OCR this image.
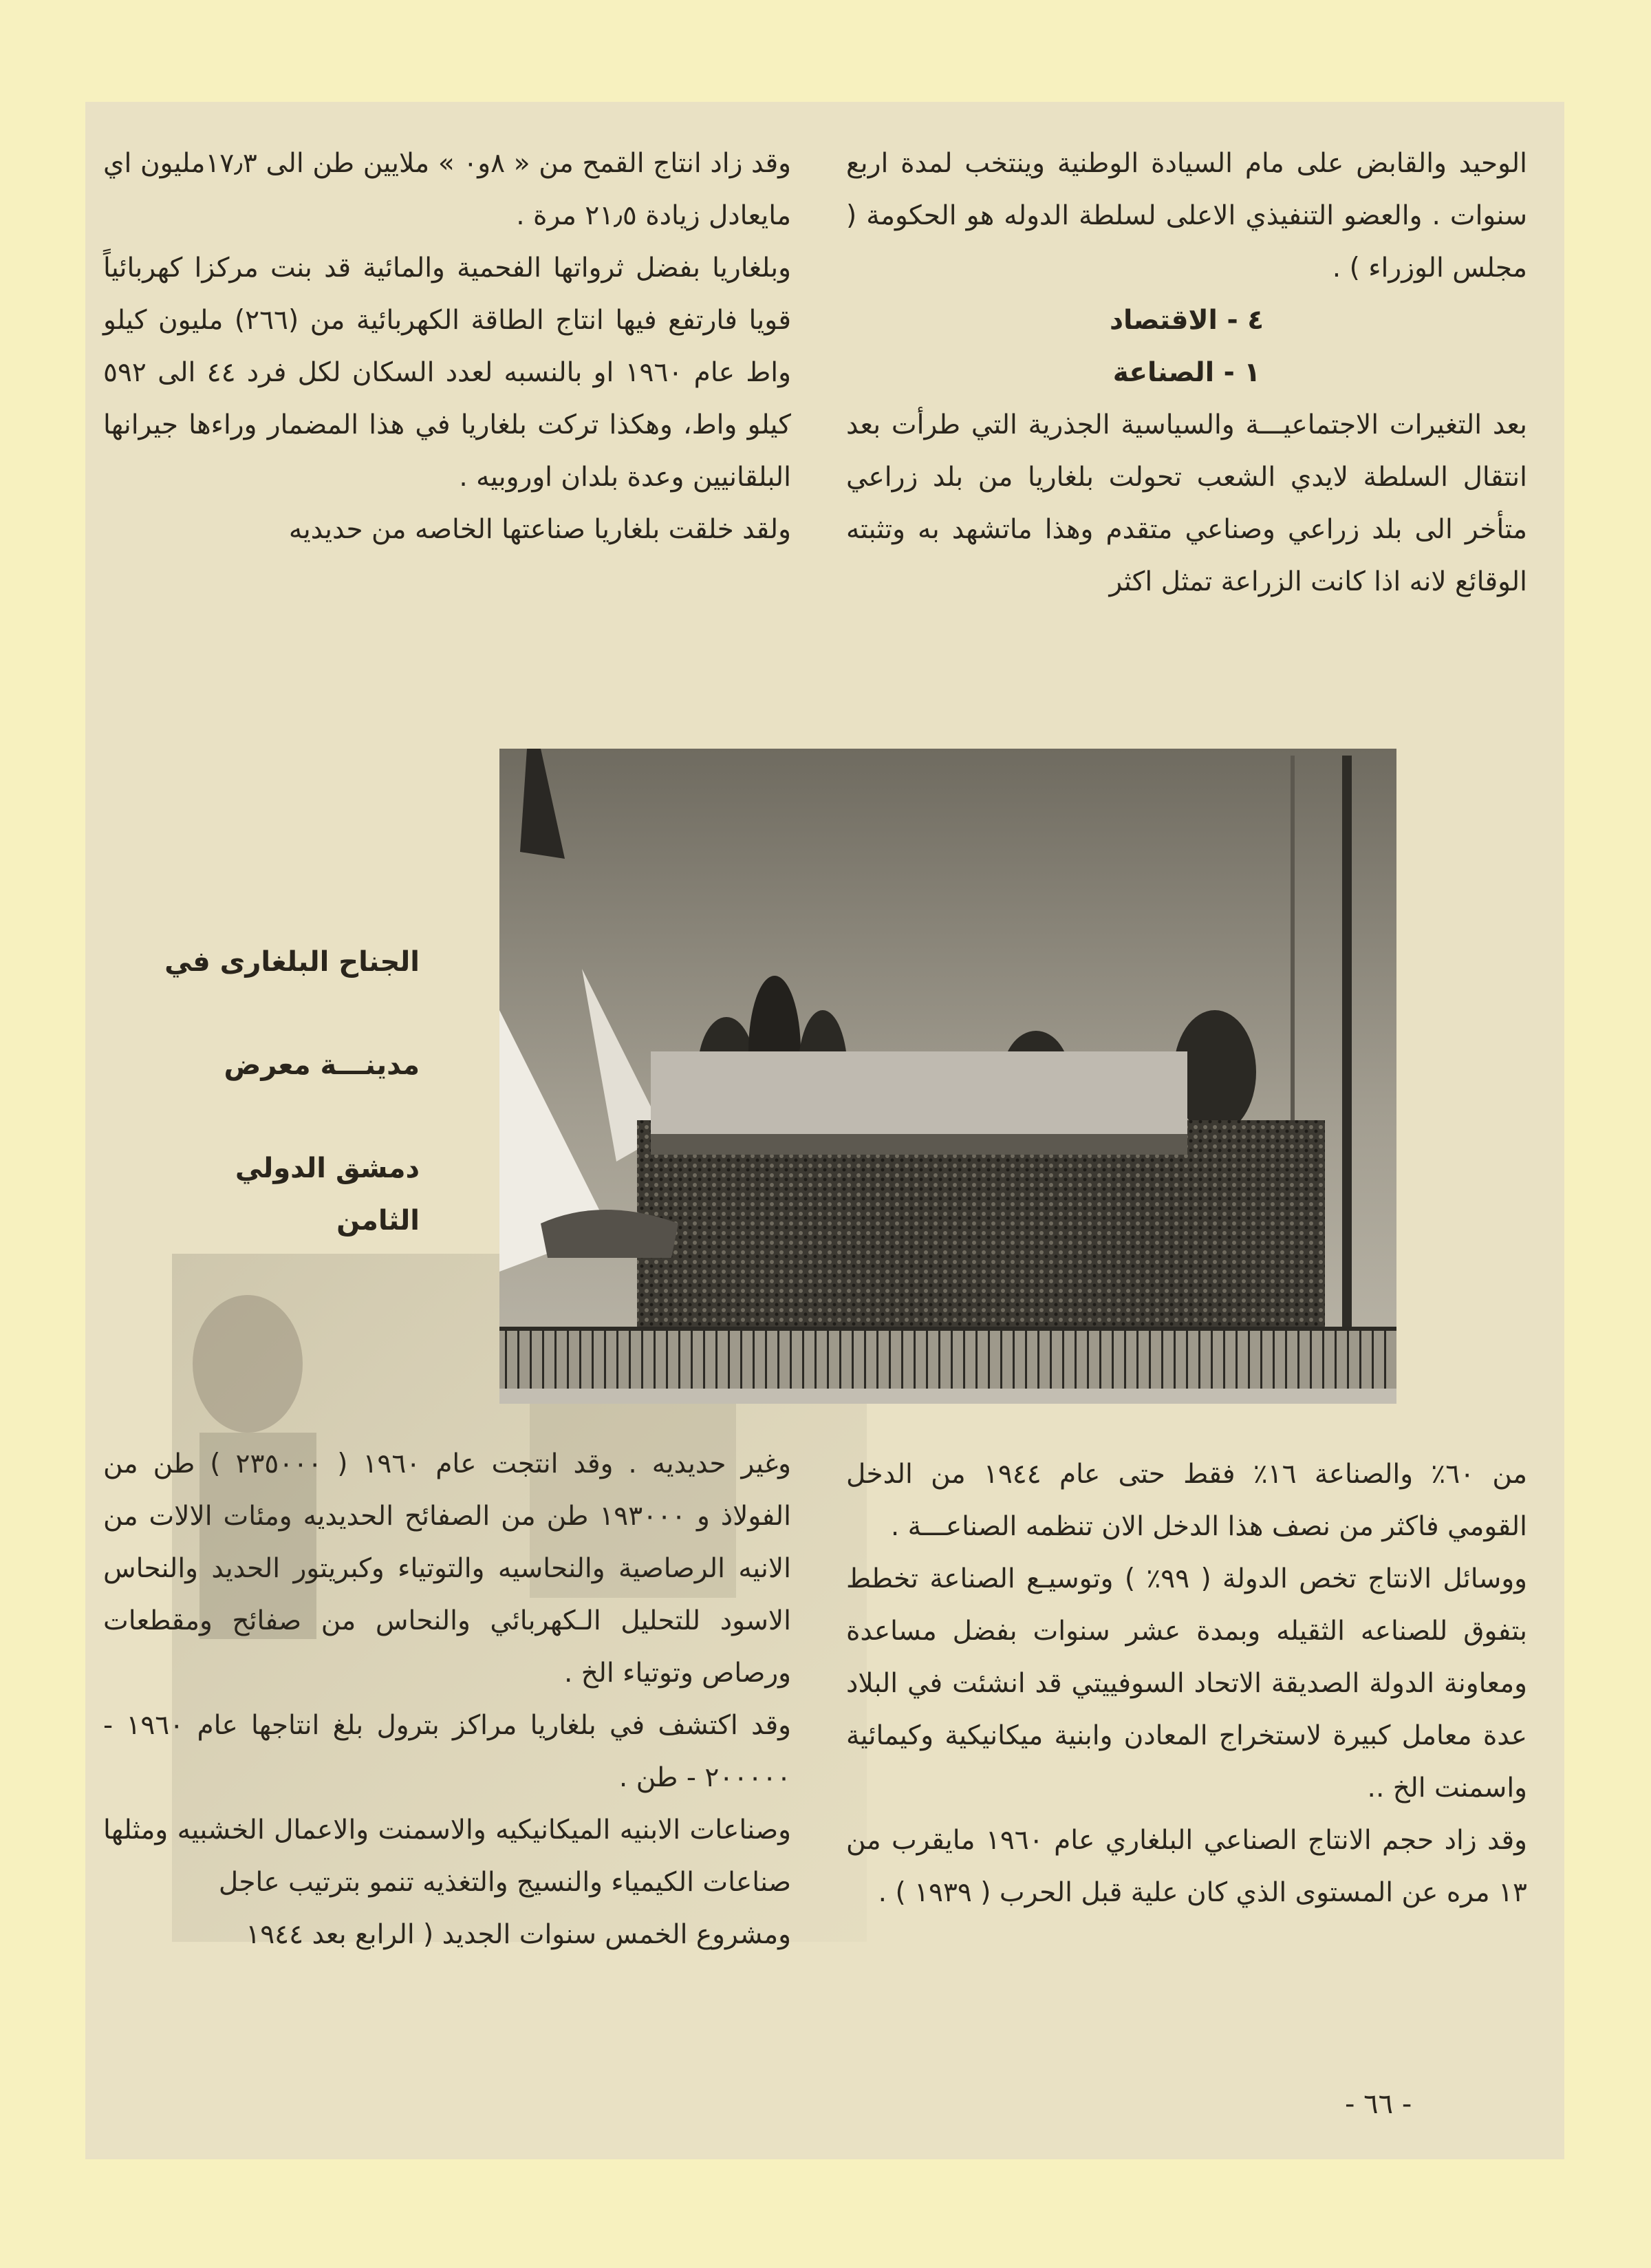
الوحيد والقابض على مام السيادة الوطنية وينتخب لمدة اربع سنوات . والعضو التنفيذي الاعلى لسلطة الدوله هو الحكومة ( مجلس الوزراء ) .

٤ - الاقتصاد

١ - الصناعة

بعد التغيرات الاجتماعيـــة والسياسية الجذرية التي طرأت بعد انتقال السلطة لايدي الشعب تحولت بلغاريا من بلد زراعي متأخر الى بلد زراعي وصناعي متقدم وهذا ماتشهد به وتثبته الوقائع لانه اذا كانت الزراعة تمثل اكثر

وقد زاد انتاج القمح من « ٨و٠ » ملايين طن الى ١٧٫٣مليون اي مايعادل زيادة ٢١٫٥ مرة .

وبلغاريا بفضل ثرواتها الفحمية والمائية قد بنت مركزا كهربائياً قويا فارتفع فيها انتاج الطاقة الكهربائية من (٢٦٦) مليون كيلو واط عام ١٩٦٠ او بالنسبه لعدد السكان لكل فرد ٤٤ الى ٥٩٢ كيلو واط، وهكذا تركت بلغاريا في هذا المضمار وراءها جيرانها البلقانيين وعدة بلدان اوروبيه .

ولقد خلقت بلغاريا صناعتها الخاصه من حديديه

الجناح البلغارى في
مدينـــة معرض
دمشق الدولي الثامن

من ٦٠٪ والصناعة ١٦٪ فقط حتى عام ١٩٤٤ من الدخل القومي فاكثر من نصف هذا الدخل الان تنظمه الصناعـــة .

ووسائل الانتاج تخص الدولة ( ٩٩٪ ) وتوسيـع الصناعة تخطط بتفوق للصناعه الثقيله وبمدة عشر سنوات بفضل مساعدة ومعاونة الدولة الصديقة الاتحاد السوفييتي قد انشئت في البلاد عدة معامل كبيرة لاستخراج المعادن وابنية ميكانيكية وكيمائية واسمنت الخ ..

وقد زاد حجم الانتاج الصناعي البلغاري عام ١٩٦٠ مايقرب من ١٣ مره عن المستوى الذي كان علية قبل الحرب ( ١٩٣٩ ) .

وغير حديديه . وقد انتجت عام ١٩٦٠ ( ٢٣٥٠٠٠ ) طن من الفولاذ و ١٩٣٠٠٠ طن من الصفائح الحديديه ومئات الالات من الانيه الرصاصية والنحاسيه والتوتياء وكبريتور الحديد والنحاس الاسود للتحليل الـكهربائي والنحاس من صفائح ومقطعات ورصاص وتوتياء الخ .

وقد اكتشف في بلغاريا مراكز بترول بلغ انتاجها عام ١٩٦٠ - ٢٠٠٠٠٠ - طن .

وصناعات الابنيه الميكانيكيه والاسمنت والاعمال الخشبيه ومثلها صناعات الكيمياء والنسيج والتغذيه تنمو بترتيب عاجل

ومشروع الخمس سنوات الجديد ( الرابع بعد ١٩٤٤

- ٦٦ -
